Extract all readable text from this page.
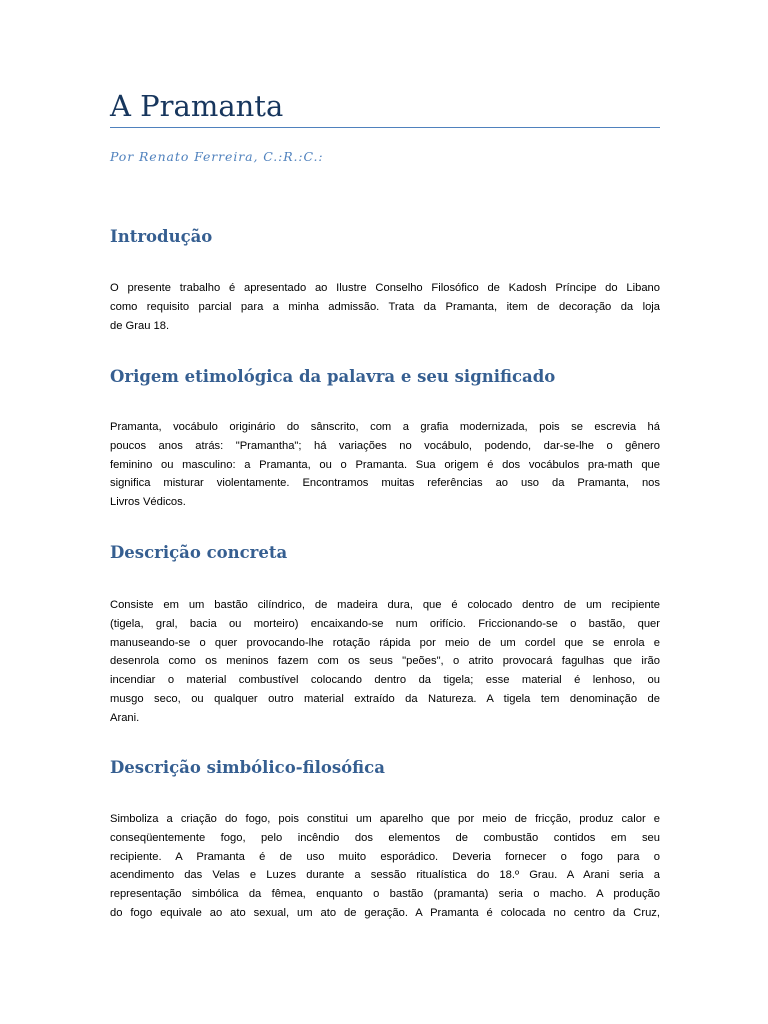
A Pramanta

Por Renato Ferreira, C.:R.:C.:

Introdução
O presente trabalho é apresentado ao Ilustre Conselho Filosófico de Kadosh Príncipe do Libano
como requisito parcial para a minha admissão. Trata da Pramanta, item de decoração da loja
de Grau 18.
Origem etimológica da palavra e seu significado
Pramanta, vocábulo originário do sânscrito, com a grafia modernizada, pois se escrevia há
poucos anos atrás: "Pramantha"; há variações no vocábulo, podendo, dar-se-lhe o gênero
feminino ou masculino: a Pramanta, ou o Pramanta. Sua origem é dos vocábulos pra-math que
significa misturar violentamente. Encontramos muitas referências ao uso da Pramanta, nos
Livros Védicos.
Descrição concreta
Consiste em um bastão cilíndrico, de madeira dura, que é colocado dentro de um recipiente
(tigela, gral, bacia ou morteiro) encaixando-se num orifício. Friccionando-se o bastão, quer
manuseando-se o quer provocando-lhe rotação rápida por meio de um cordel que se enrola e
desenrola como os meninos fazem com os seus "peões", o atrito provocará fagulhas que irão
incendiar o material combustível colocando dentro da tigela; esse material é lenhoso, ou
musgo seco, ou qualquer outro material extraído da Natureza. A tigela tem denominação de
Arani.
Descrição simbólico-filosófica
Simboliza a criação do fogo, pois constitui um aparelho que por meio de fricção, produz calor e
conseqüentemente fogo, pelo incêndio dos elementos de combustão contidos em seu
recipiente. A Pramanta é de uso muito esporádico. Deveria fornecer o fogo para o
acendimento das Velas e Luzes durante a sessão ritualística do 18.º Grau. A Arani seria a
representação simbólica da fêmea, enquanto o bastão (pramanta) seria o macho. A produção
do fogo equivale ao ato sexual, um ato de geração. A Pramanta é colocada no centro da Cruz,
